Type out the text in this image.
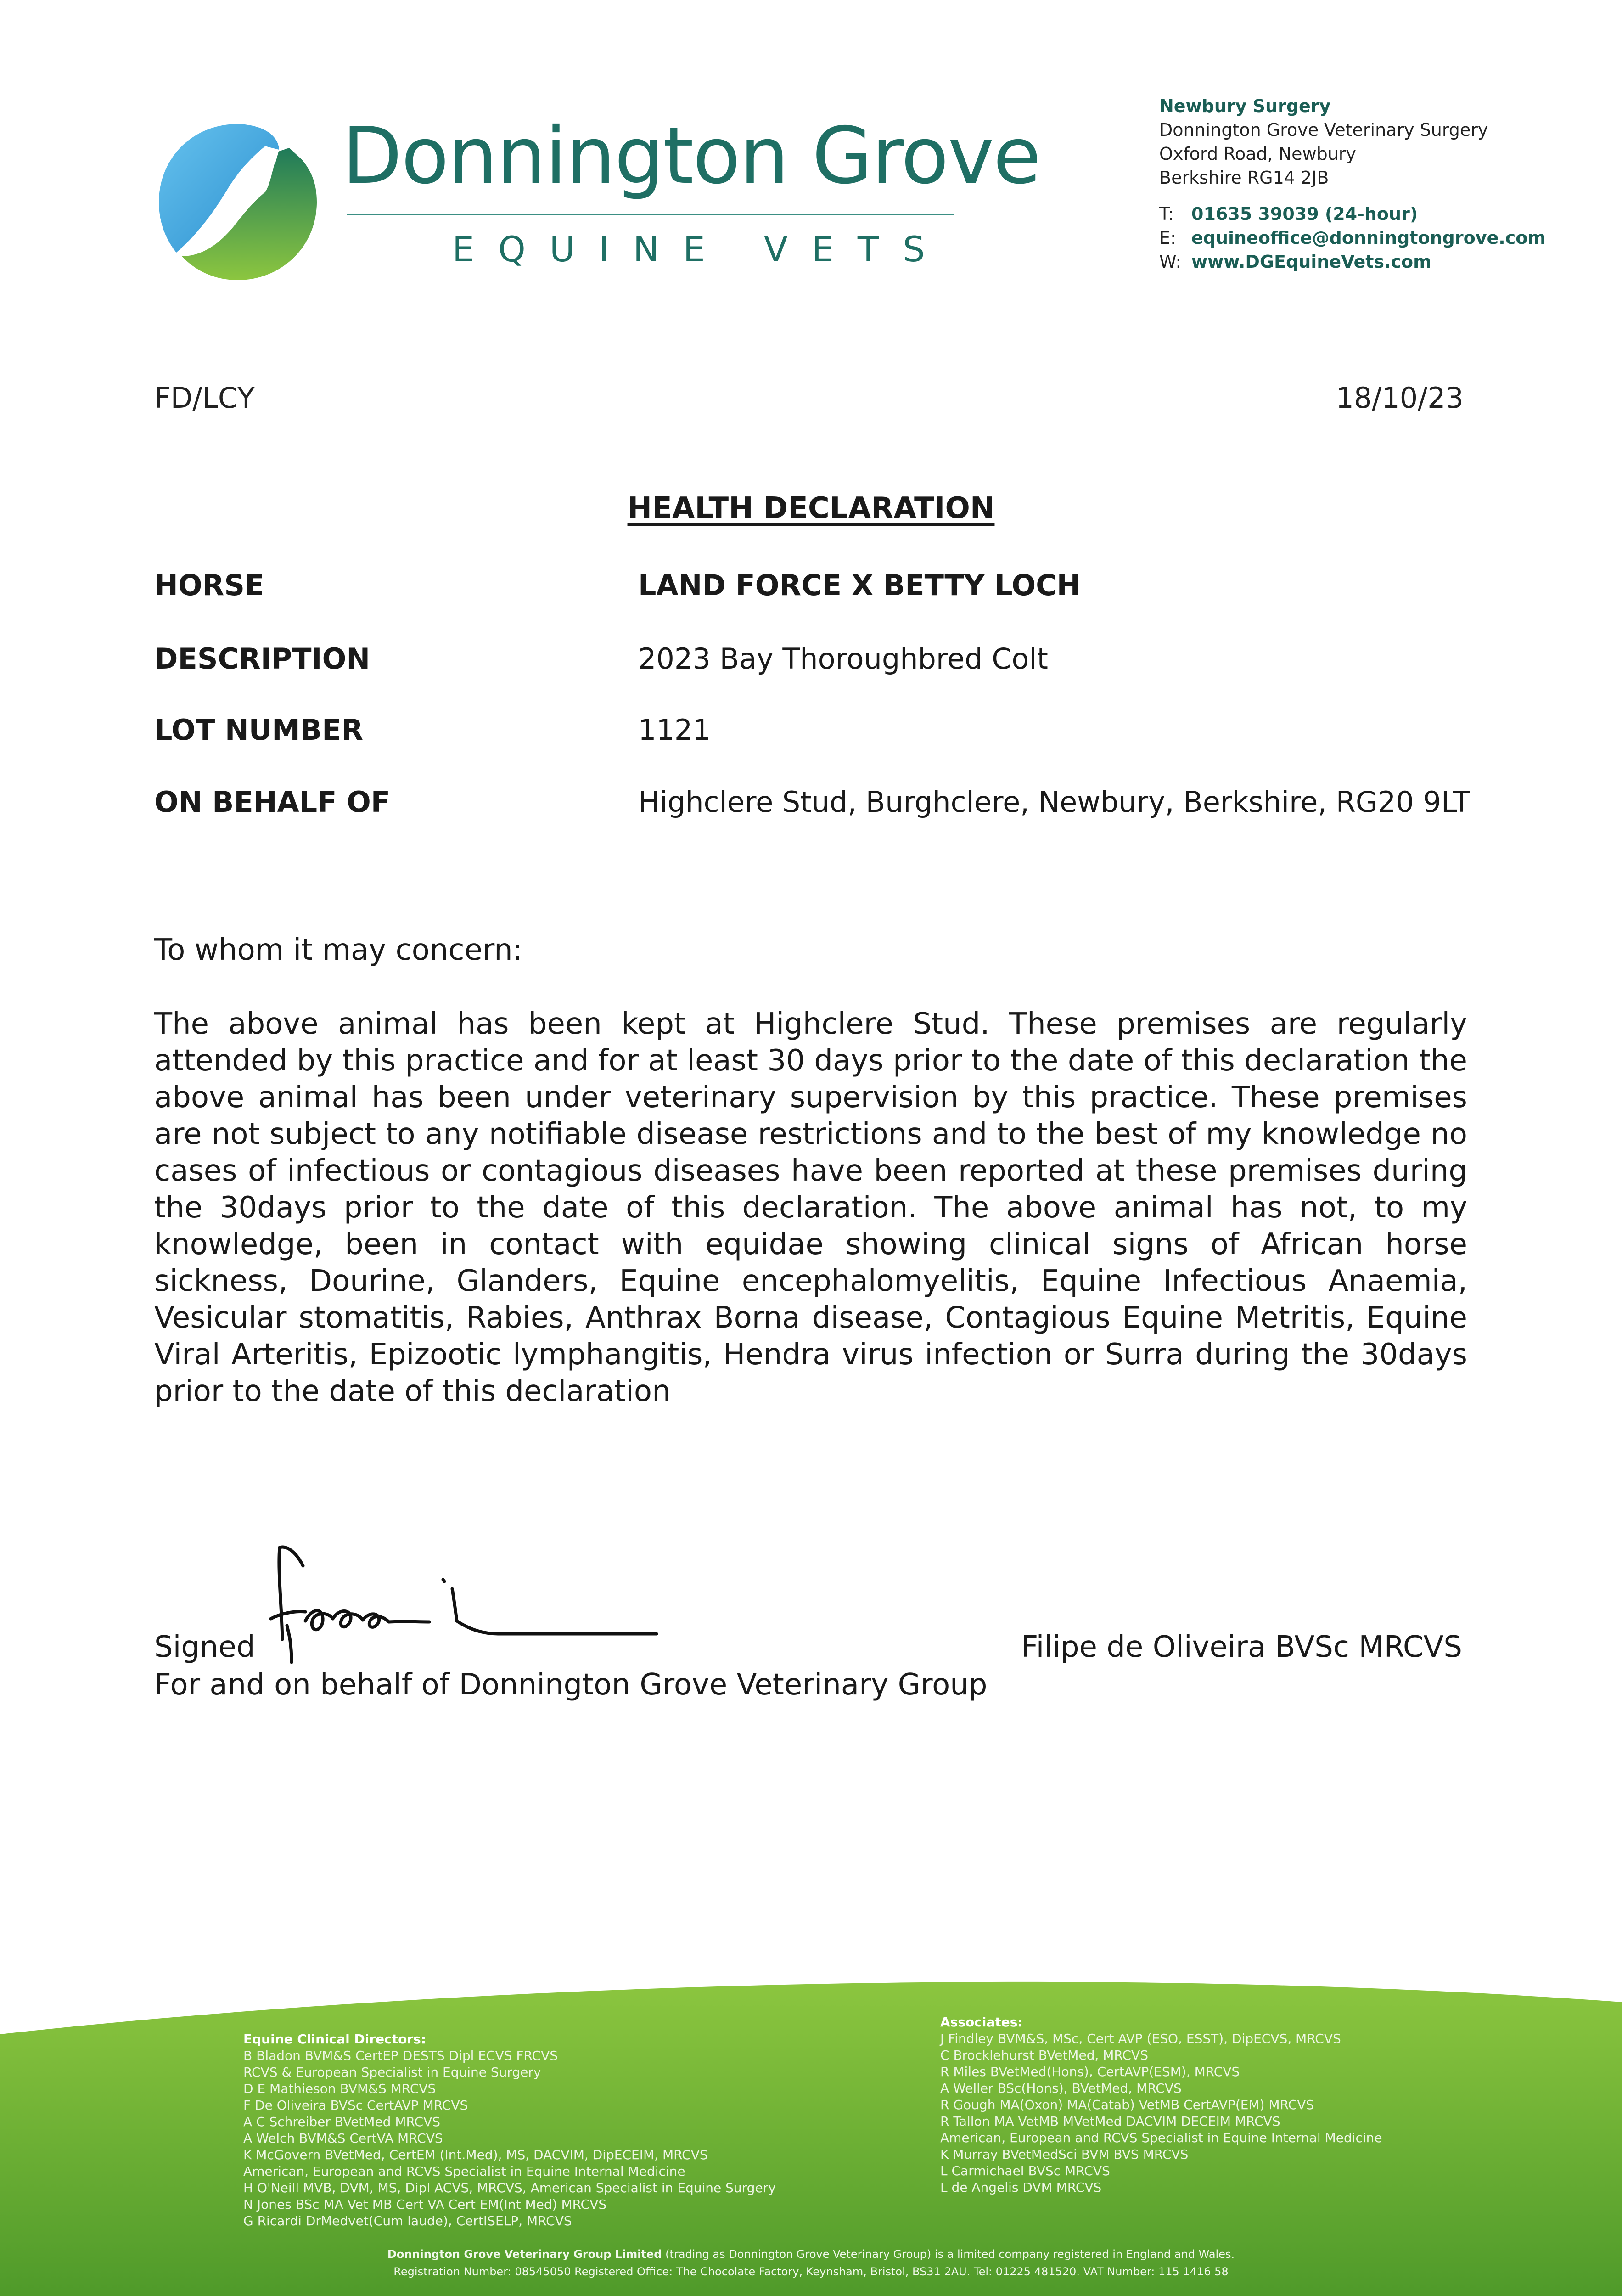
Donnington Grove
EQUINE VETS
Newbury Surgery
Donnington Grove Veterinary Surgery
Oxford Road, Newbury
Berkshire RG14 2JB
T:	01635 39039 (24-hour)
E: equineoffice@donningtongrove.com
W: www.DGEquineVets.com
FD/LCY	18/10/23
HEALTH DECLARATION
HORSE	LAND FORCE X BETTY LOCH
DESCRIPTION	2023 Bay Thoroughbred Colt
LOT NUMBER	1121
ON BEHALF OF	Highclere Stud, Burghclere, Newbury, Berkshire, RG20 9LT
To whom it may concern:
The above animal has been kept at Highclere Stud. These premises are regularly attended by this practice and for at least 30 days prior to the date of this declaration the above animal has been under veterinary supervision by this practice. These premises are not subject to any notifiable disease restrictions and to the best of my knowledge no cases of infectious or contagious diseases have been reported at these premises during the 30days prior to the date of this declaration. The above animal has not, to my knowledge, been in contact with equidae showing clinical signs of African horse sickness, Dourine, Glanders, Equine encephalomyelitis, Equine Infectious Anaemia, Vesicular stomatitis, Rabies, Anthrax Borna disease, Contagious Equine Metritis, Equine Viral Arteritis, Epizootic lymphangitis, Hendra virus infection or Surra during the 30days prior to the date of this declaration
Signed	Filipe de Oliveira BVSc MRCVS
For and on behalf of Donnington Grove Veterinary Group
Equine Clinical Directors:
B Bladon BVM&S CertEP DESTS Dipl ECVS FRCVS
RCVS & European Specialist in Equine Surgery
D E Mathieson BVM&S MRCVS
F De Oliveira BVSc CertAVP MRCVS
A C Schreiber BVetMed MRCVS
A Welch BVM&S CertVA MRCVS
K McGovern BVetMed, CertEM (Int.Med), MS, DACVIM, DipECEIM, MRCVS
American, European and RCVS Specialist in Equine Internal Medicine
H O'Neill MVB, DVM, MS, Dipl ACVS, MRCVS, American Specialist in Equine Surgery
N Jones BSc MA Vet MB Cert VA Cert EM(Int Med) MRCVS
G Ricardi DrMedvet(Cum laude), CertISELP, MRCVS
Associates:
J Findley BVM&S, MSc, Cert AVP (ESO, ESST), DipECVS, MRCVS
C Brocklehurst BVetMed, MRCVS
R Miles BVetMed(Hons), CertAVP(ESM), MRCVS
A Weller BSc(Hons), BVetMed, MRCVS
R Gough MA(Oxon) MA(Catab) VetMB CertAVP(EM) MRCVS
R Tallon MA VetMB MVetMed DACVIM DECEIM MRCVS
American, European and RCVS Specialist in Equine Internal Medicine
K Murray BVetMedSci BVM BVS MRCVS
L Carmichael BVSc MRCVS
L de Angelis DVM MRCVS
Donnington Grove Veterinary Group Limited (trading as Donnington Grove Veterinary Group) is a limited company registered in England and Wales.
Registration Number: 08545050 Registered Office: The Chocolate Factory, Keynsham, Bristol, BS31 2AU. Tel: 01225 481520. VAT Number: 115 1416 58
